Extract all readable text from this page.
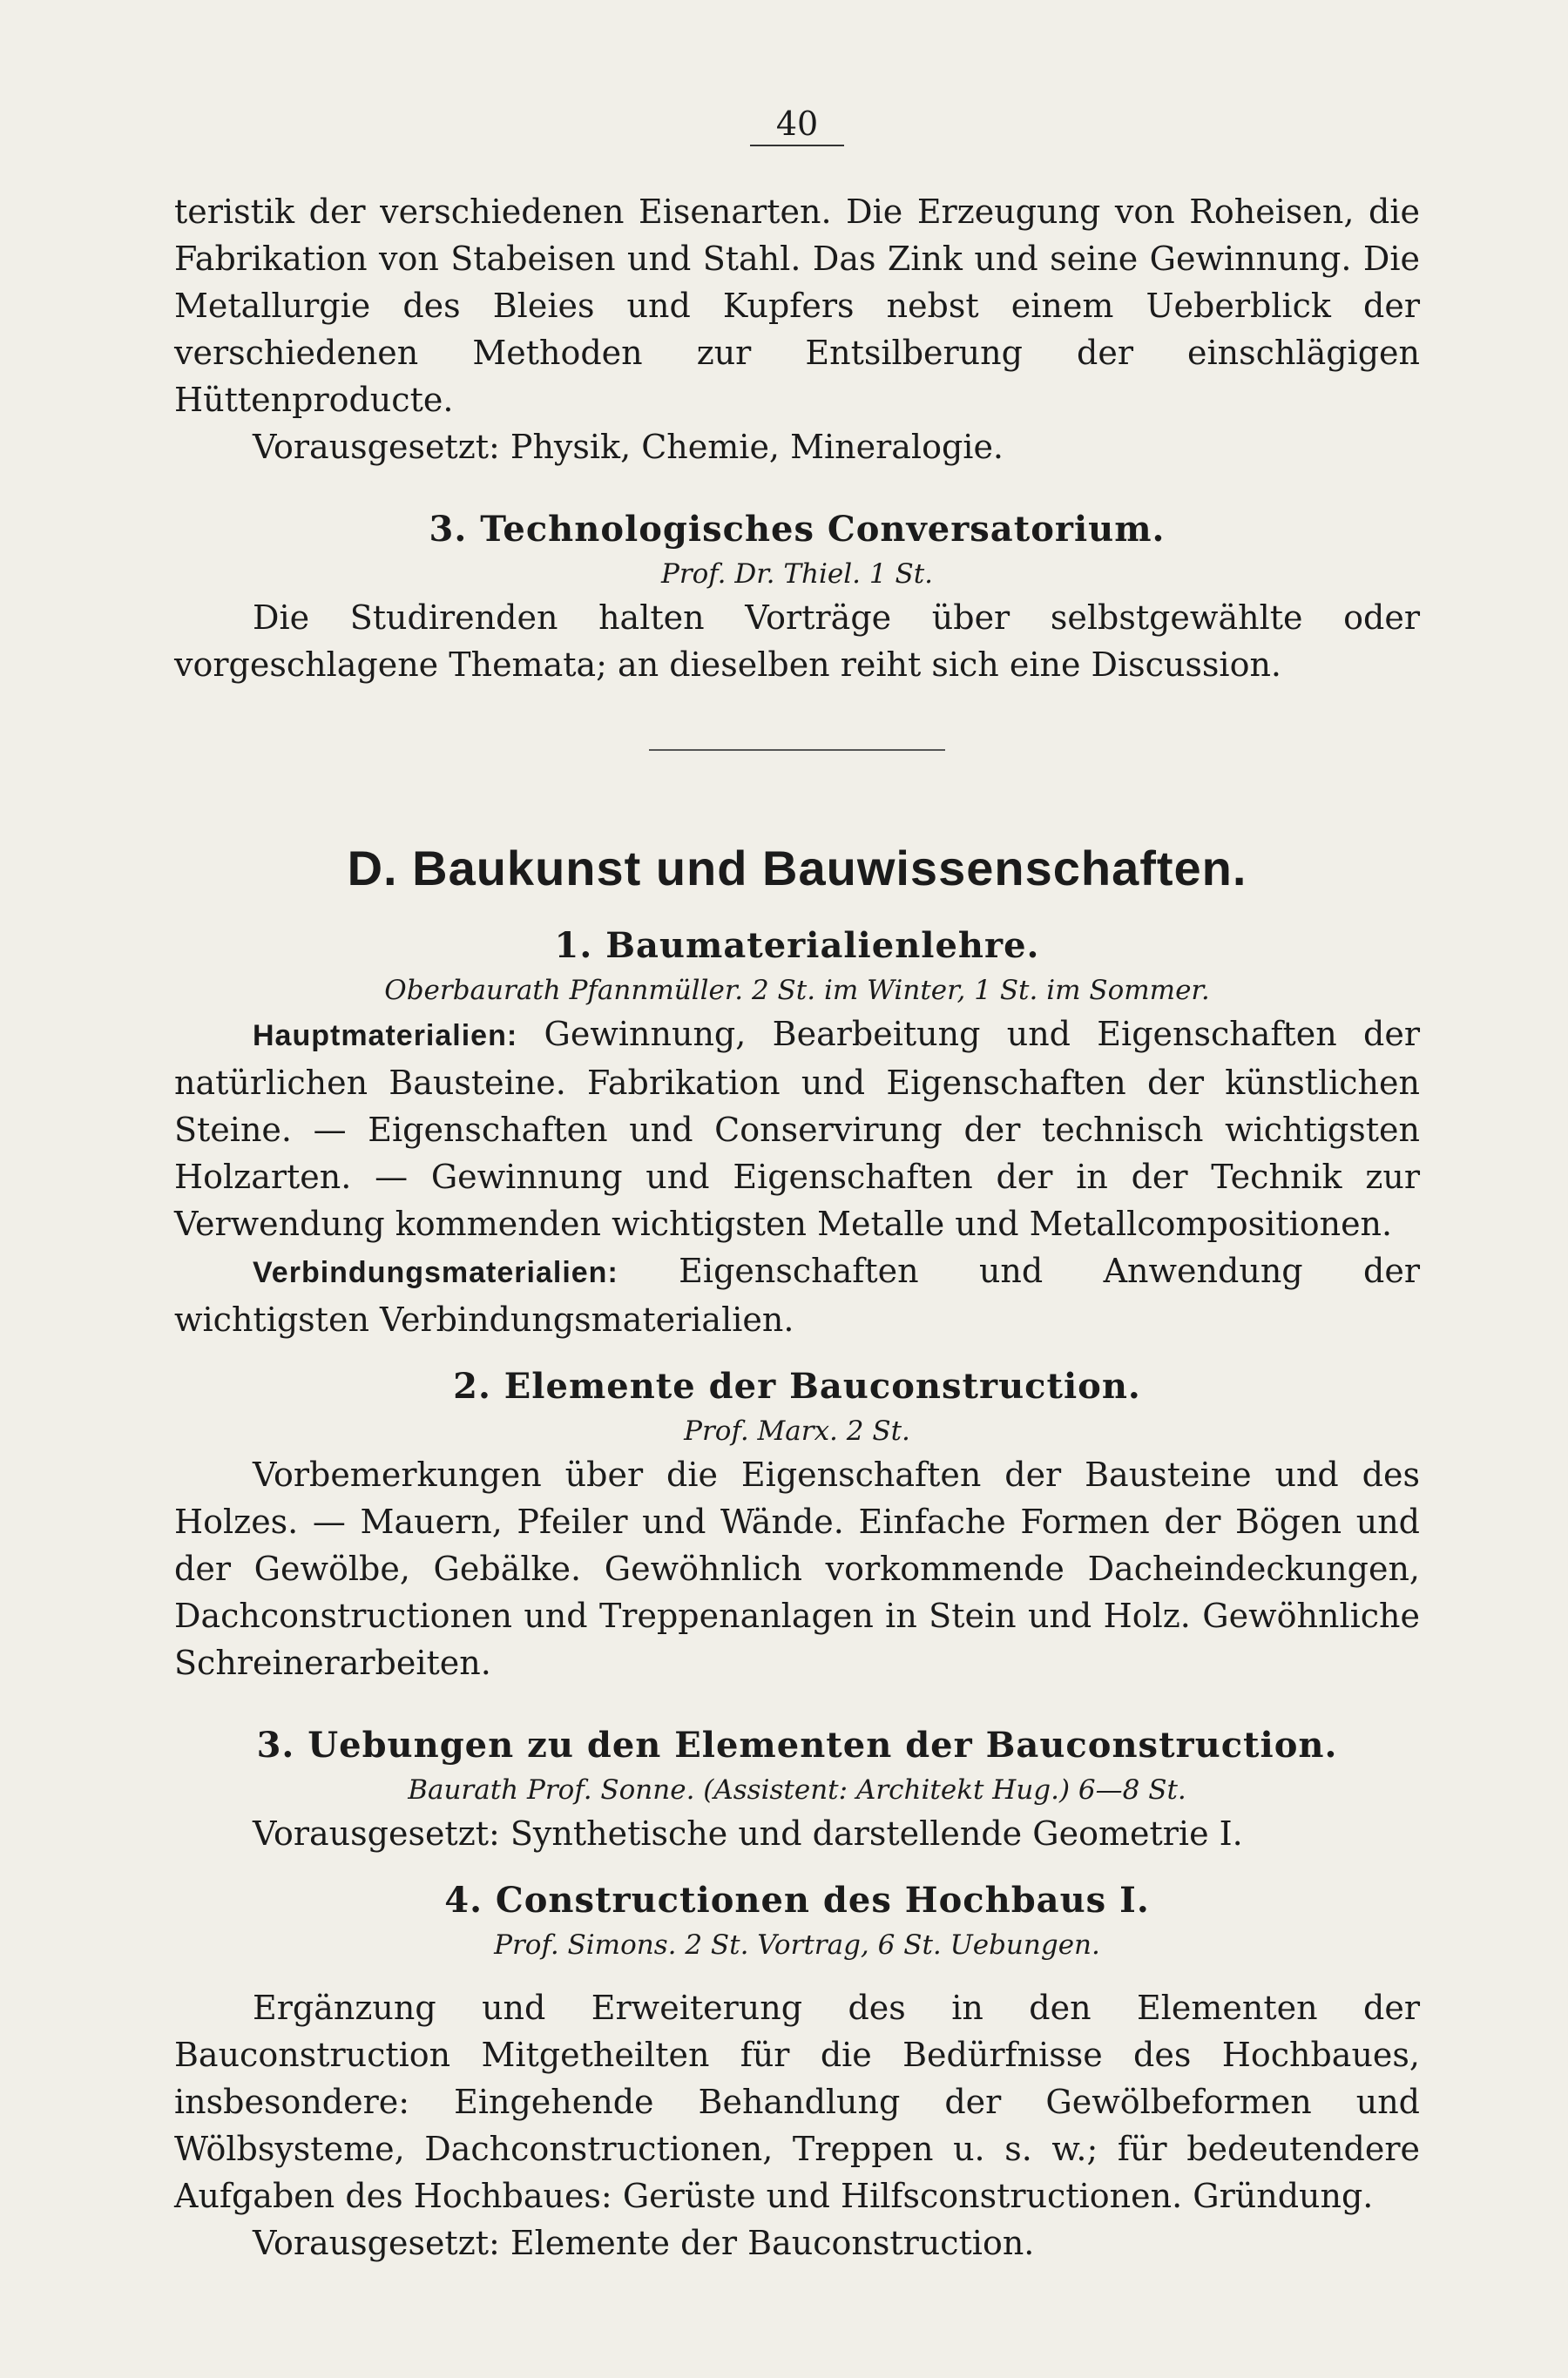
40

teristik der verschiedenen Eisenarten. Die Erzeugung von Roheisen, die Fabrikation von Stabeisen und Stahl. Das Zink und seine Gewinnung. Die Metallurgie des Bleies und Kupfers nebst einem Ueberblick der verschiedenen Methoden zur Entsilberung der einschlägigen Hüttenproducte.

Vorausgesetzt: Physik, Chemie, Mineralogie.

3. Technologisches Conversatorium.
Prof. Dr. Thiel. 1 St.

Die Studirenden halten Vorträge über selbstgewählte oder vorgeschlagene Themata; an dieselben reiht sich eine Discussion.

D. Baukunst und Bauwissenschaften.
1. Baumaterialienlehre.
Oberbaurath Pfannmüller. 2 St. im Winter, 1 St. im Sommer.

Hauptmaterialien: Gewinnung, Bearbeitung und Eigenschaften der natürlichen Bausteine. Fabrikation und Eigenschaften der künstlichen Steine. — Eigenschaften und Conservirung der technisch wichtigsten Holzarten. — Gewinnung und Eigenschaften der in der Technik zur Verwendung kommenden wichtigsten Metalle und Metallcompositionen.

Verbindungsmaterialien: Eigenschaften und Anwendung der wichtigsten Verbindungsmaterialien.

2. Elemente der Bauconstruction.
Prof. Marx. 2 St.

Vorbemerkungen über die Eigenschaften der Bausteine und des Holzes. — Mauern, Pfeiler und Wände. Einfache Formen der Bögen und der Gewölbe, Gebälke. Gewöhnlich vorkommende Dacheindeckungen, Dachconstructionen und Treppenanlagen in Stein und Holz. Gewöhnliche Schreinerarbeiten.

3. Uebungen zu den Elementen der Bauconstruction.
Baurath Prof. Sonne. (Assistent: Architekt Hug.) 6—8 St.

Vorausgesetzt: Synthetische und darstellende Geometrie I.

4. Constructionen des Hochbaus I.
Prof. Simons. 2 St. Vortrag, 6 St. Uebungen.

Ergänzung und Erweiterung des in den Elementen der Bauconstruction Mitgetheilten für die Bedürfnisse des Hochbaues, insbesondere: Eingehende Behandlung der Gewölbeformen und Wölbsysteme, Dachconstructionen, Treppen u. s. w.; für bedeutendere Aufgaben des Hochbaues: Gerüste und Hilfsconstructionen. Gründung.

Vorausgesetzt: Elemente der Bauconstruction.
